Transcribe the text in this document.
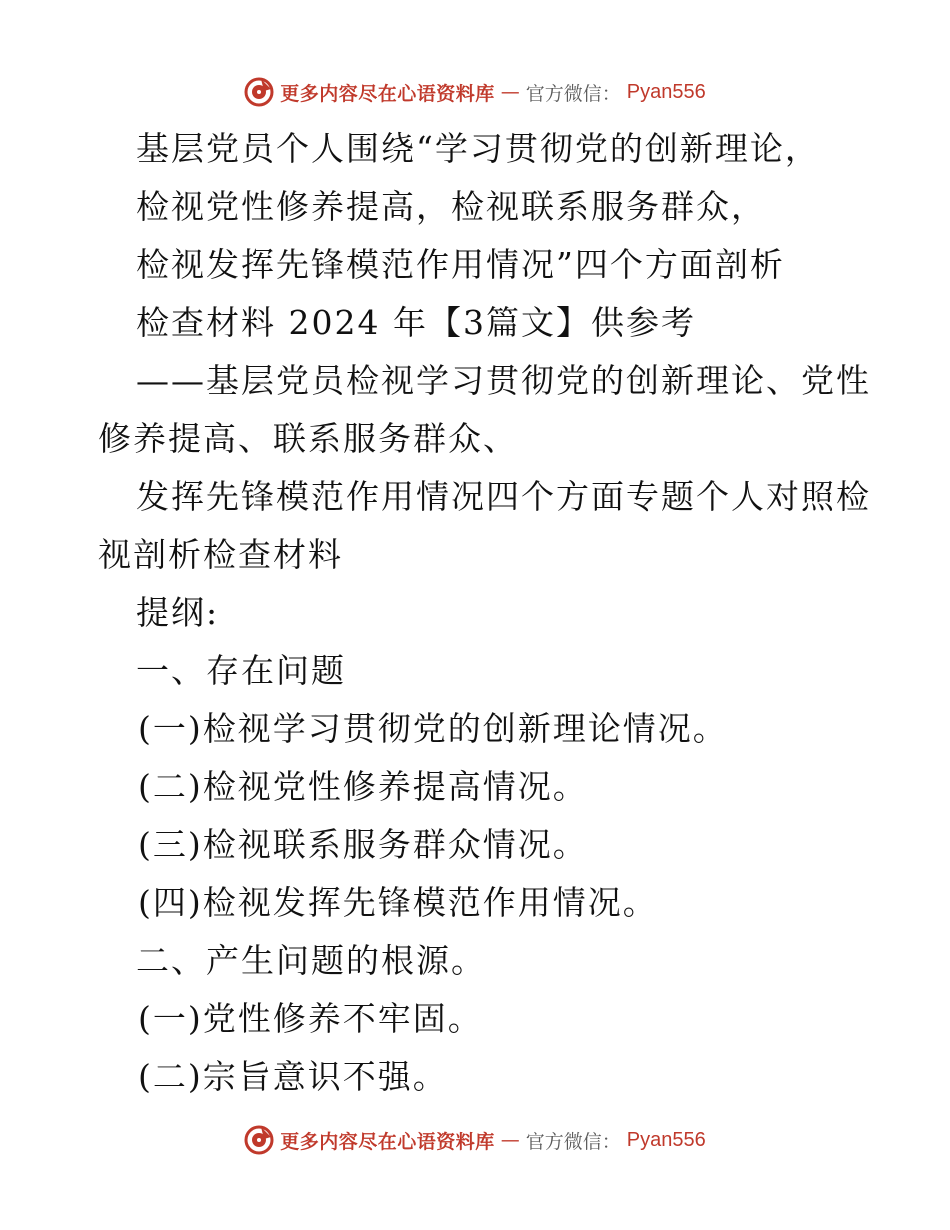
更多内容尽在心语资料库 — 官方微信： Pyan556
基层党员个人围绕“学习贯彻党的创新理论，
检视党性修养提高，检视联系服务群众，
检视发挥先锋模范作用情况”四个方面剖析
检查材料 2024 年【3篇文】供参考
——基层党员检视学习贯彻党的创新理论、党性
修养提高、联系服务群众、
发挥先锋模范作用情况四个方面专题个人对照检
视剖析检查材料
提纲:
一、存在问题
(一)检视学习贯彻党的创新理论情况。
(二)检视党性修养提高情况。
(三)检视联系服务群众情况。
(四)检视发挥先锋模范作用情况。
二、产生问题的根源。
(一)党性修养不牢固。
(二)宗旨意识不强。
更多内容尽在心语资料库 — 官方微信： Pyan556
